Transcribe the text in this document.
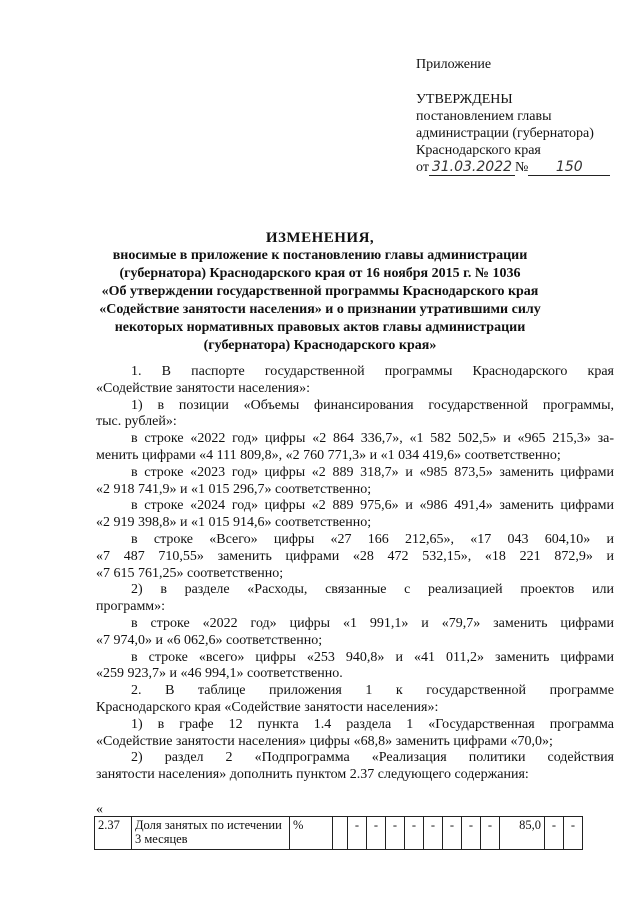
Приложение
УТВЕРЖДЕНЫ
постановлением главы
администрации (губернатора)
Краснодарского края
от 31.03.2022 №	150
ИЗМЕНЕНИЯ,
вносимые в приложение к постановлению главы администрации
(губернатора) Краснодарского края от 16 ноября 2015 г. № 1036
«Об утверждении государственной программы Краснодарского края
«Содействие занятости населения» и о признании утратившими силу
некоторых нормативных правовых актов главы администрации
(губернатора) Краснодарского края»

1. В паспорте государственной программы Краснодарского края

«Содействие занятости населения»:

1) в позиции «Объемы финансирования государственной программы,

тыс. рублей»:

в строке «2022 год» цифры «2 864 336,7», «1 582 502,5» и «965 215,3» за-

менить цифрами «4 111 809,8», «2 760 771,3» и «1 034 419,6» соответственно;

в строке «2023 год» цифры «2 889 318,7» и «985 873,5» заменить цифрами

«2 918 741,9» и «1 015 296,7» соответственно;

в строке «2024 год» цифры «2 889 975,6» и «986 491,4» заменить цифрами

«2 919 398,8» и «1 015 914,6» соответственно;

в строке «Всего» цифры «27 166 212,65», «17 043 604,10» и

«7 487 710,55» заменить цифрами «28 472 532,15», «18 221 872,9» и

«7 615 761,25» соответственно;

2) в разделе «Расходы, связанные с реализацией проектов или

программ»:

в строке «2022 год» цифры «1 991,1» и «79,7» заменить цифрами

«7 974,0» и «6 062,6» соответственно;

в строке «всего» цифры «253 940,8» и «41 011,2» заменить цифрами

«259 923,7» и «46 994,1» соответственно.

2. В таблице приложения 1 к государственной программе

Краснодарского края «Содействие занятости населения»:

1) в графе 12 пункта 1.4 раздела 1 «Государственная программа

«Содействие занятости населения» цифры «68,8» заменить цифрами «70,0»;

2) раздел 2 «Подпрограмма «Реализация политики содействия

занятости населения» дополнить пунктом 2.37 следующего содержания:

«
2.37	Доля занятых по истечении 3 месяцев	%		-	-	-	-	-	-	-	-	85,0	-	-
